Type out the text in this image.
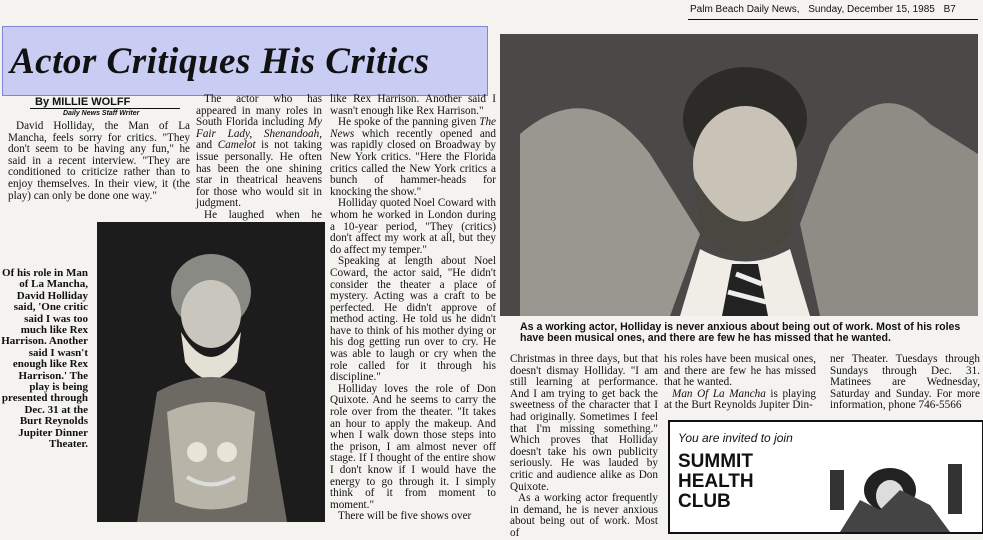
Palm Beach Daily News, Sunday, December 15, 1985 B7
Actor Critiques His Critics
By MILLIE WOLFF
Daily News Staff Writer

David Holliday, the Man of La Mancha, feels sorry for critics. "They don't seem to be having any fun," he said in a recent interview. "They are conditioned to criticize rather than to enjoy themselves. In their view, it (the play) can only be done one way."

The actor who has appeared in many roles in South Florida including My Fair Lady, Shenandoah, and Camelot is not taking issue personally. He often has been the one shining star in theatrical heavens for those who would sit in judgment.

He laughed when he

like Rex Harrison. Another said I wasn't enough like Rex Harrison."

He spoke of the panning given The News which recently opened and was rapidly closed on Broadway by New York critics. "Here the Florida critics called the New York critics a bunch of hammer-heads for knocking the show."

Holliday quoted Noel Coward with whom he worked in London during a 10-year period, "They (critics) don't affect my work at all, but they do affect my temper."

Speaking at length about Noel Coward, the actor said, "He didn't consider the theater a place of mystery. Acting was a craft to be perfected. He didn't approve of method acting. He told us he didn't have to think of his mother dying or his dog getting run over to cry. He was able to laugh or cry when the role called for it through his discipline."

Holliday loves the role of Don Quixote. And he seems to carry the role over from the theater. "It takes an hour to apply the makeup. And when I walk down those steps into the prison, I am almost never off stage. If I thought of the entire show I don't know if I would have the energy to go through it. I simply think of it from moment to moment."

There will be five shows over

Of his role in Man of La Mancha, David Holliday said, 'One critic said I was too much like Rex Harrison. Another said I wasn't enough like Rex Harrison.' The play is being presented through Dec. 31 at the Burt Reynolds Jupiter Dinner Theater.
As a working actor, Holliday is never anxious about being out of work. Most of his roles have been musical ones, and there are few he has missed that he wanted.

Christmas in three days, but that doesn't dismay Holliday. "I am still learning at performance. And I am trying to get back the sweetness of the character that I had originally. Sometimes I feel that I'm missing something." Which proves that Holliday doesn't take his own publicity seriously. He was lauded by critic and audience alike as Don Quixote.

As a working actor frequently in demand, he is never anxious about being out of work. Most of

his roles have been musical ones, and there are few he has missed that he wanted.

Man Of La Mancha is playing at the Burt Reynolds Jupiter Din-

ner Theater. Tuesdays through Sundays through Dec. 31. Matinees are Wednesday, Saturday and Sunday. For more information, phone 746-5566

You are invited to join
SUMMIT
HEALTH
CLUB
